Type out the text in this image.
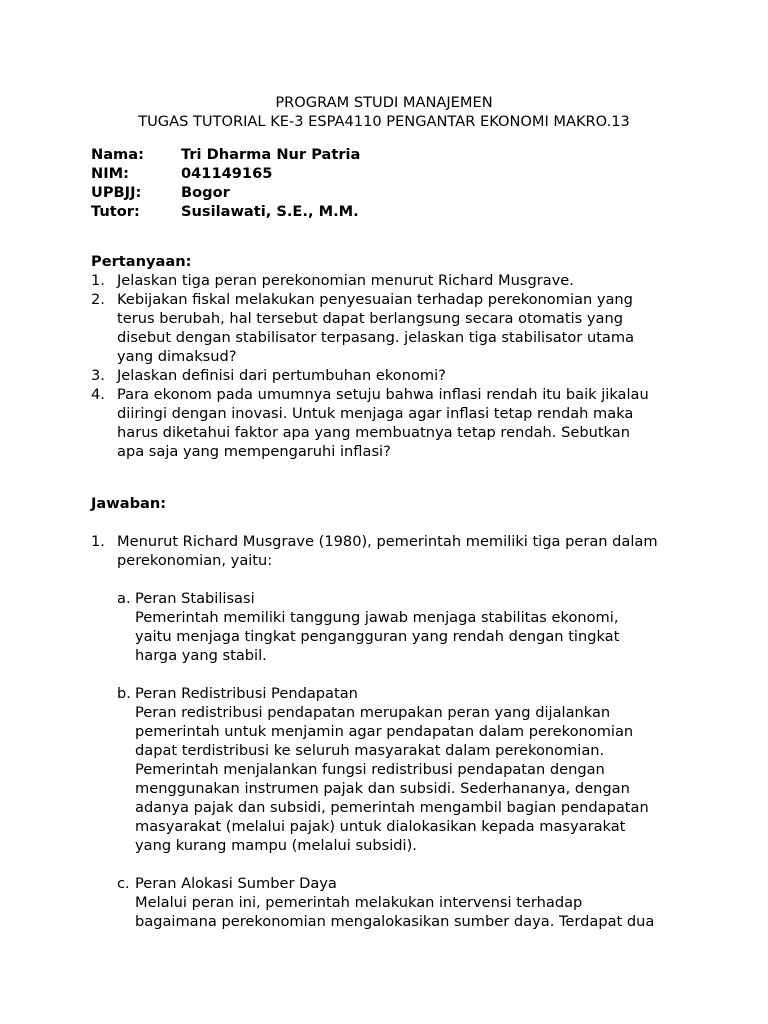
PROGRAM STUDI MANAJEMEN
TUGAS TUTORIAL KE-3 ESPA4110 PENGANTAR EKONOMI MAKRO.13
Nama:	Tri Dharma Nur Patria
NIM:	041149165
UPBJJ:	Bogor
Tutor:	Susilawati, S.E., M.M.
Pertanyaan:
1. Jelaskan tiga peran perekonomian menurut Richard Musgrave.
2. Kebijakan fiskal melakukan penyesuaian terhadap perekonomian yang
terus berubah, hal tersebut dapat berlangsung secara otomatis yang
disebut dengan stabilisator terpasang. jelaskan tiga stabilisator utama
yang dimaksud?
3. Jelaskan definisi dari pertumbuhan ekonomi?
4. Para ekonom pada umumnya setuju bahwa inflasi rendah itu baik jikalau
diiringi dengan inovasi. Untuk menjaga agar inflasi tetap rendah maka
harus diketahui faktor apa yang membuatnya tetap rendah. Sebutkan
apa saja yang mempengaruhi inflasi?
Jawaban:
1. Menurut Richard Musgrave (1980), pemerintah memiliki tiga peran dalam
perekonomian, yaitu:
a. Peran Stabilisasi
Pemerintah memiliki tanggung jawab menjaga stabilitas ekonomi,
yaitu menjaga tingkat pengangguran yang rendah dengan tingkat
harga yang stabil.
b. Peran Redistribusi Pendapatan
Peran redistribusi pendapatan merupakan peran yang dijalankan
pemerintah untuk menjamin agar pendapatan dalam perekonomian
dapat terdistribusi ke seluruh masyarakat dalam perekonomian.
Pemerintah menjalankan fungsi redistribusi pendapatan dengan
menggunakan instrumen pajak dan subsidi. Sederhananya, dengan
adanya pajak dan subsidi, pemerintah mengambil bagian pendapatan
masyarakat (melalui pajak) untuk dialokasikan kepada masyarakat
yang kurang mampu (melalui subsidi).
c. Peran Alokasi Sumber Daya
Melalui peran ini, pemerintah melakukan intervensi terhadap
bagaimana perekonomian mengalokasikan sumber daya. Terdapat dua
